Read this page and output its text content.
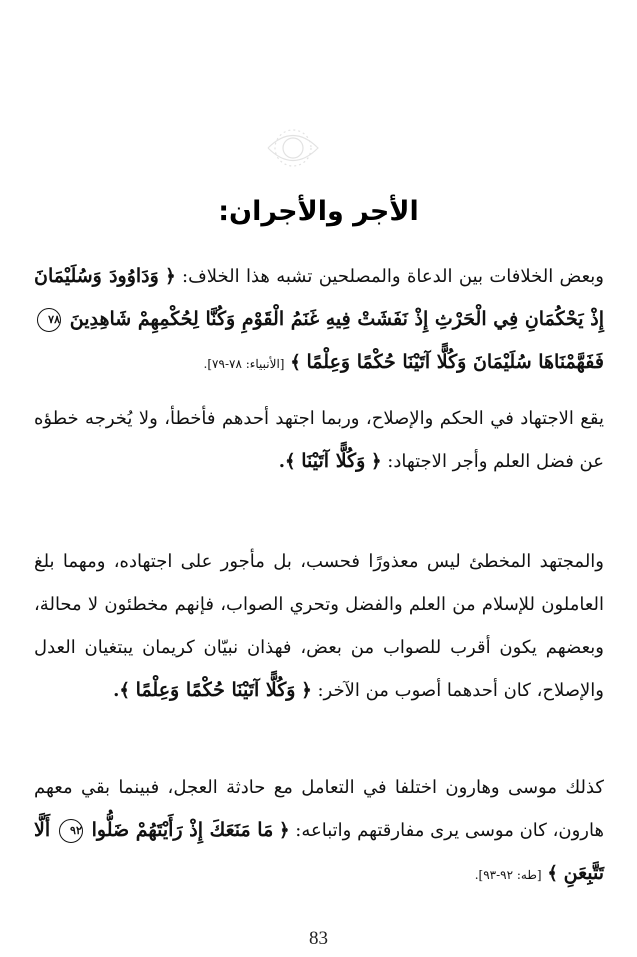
الأجر والأجران:

وبعض الخلافات بين الدعاة والمصلحين تشبه هذا الخلاف: ﴿ وَدَاوُودَ وَسُلَيْمَانَ إِذْ يَحْكُمَانِ فِي الْحَرْثِ إِذْ نَفَشَتْ فِيهِ غَنَمُ الْقَوْمِ وَكُنَّا لِحُكْمِهِمْ شَاهِدِينَ ٧٨ فَفَهَّمْنَاهَا سُلَيْمَانَ وَكُلًّا آتَيْنَا حُكْمًا وَعِلْمًا ﴾ [الأنبياء: ٧٨-٧٩].

يقع الاجتهاد في الحكم والإصلاح، وربما اجتهد أحدهم فأخطأ، ولا يُخرجه خطؤه عن فضل العلم وأجر الاجتهاد: ﴿ وَكُلًّا آتَيْنَا ﴾.

والمجتهد المخطئ ليس معذورًا فحسب، بل مأجور على اجتهاده، ومهما بلغ العاملون للإسلام من العلم والفضل وتحري الصواب، فإنهم مخطئون لا محالة، وبعضهم يكون أقرب للصواب من بعض، فهذان نبيّان كريمان يبتغيان العدل والإصلاح، كان أحدهما أصوب من الآخر: ﴿ وَكُلًّا آتَيْنَا حُكْمًا وَعِلْمًا ﴾.

كذلك موسى وهارون اختلفا في التعامل مع حادثة العجل، فبينما بقي معهم هارون، كان موسى يرى مفارقتهم واتباعه: ﴿ مَا مَنَعَكَ إِذْ رَأَيْتَهُمْ ضَلُّوا ٩٢ أَلَّا تَتَّبِعَنِ ﴾ [طه: ٩٢-٩٣].

83
